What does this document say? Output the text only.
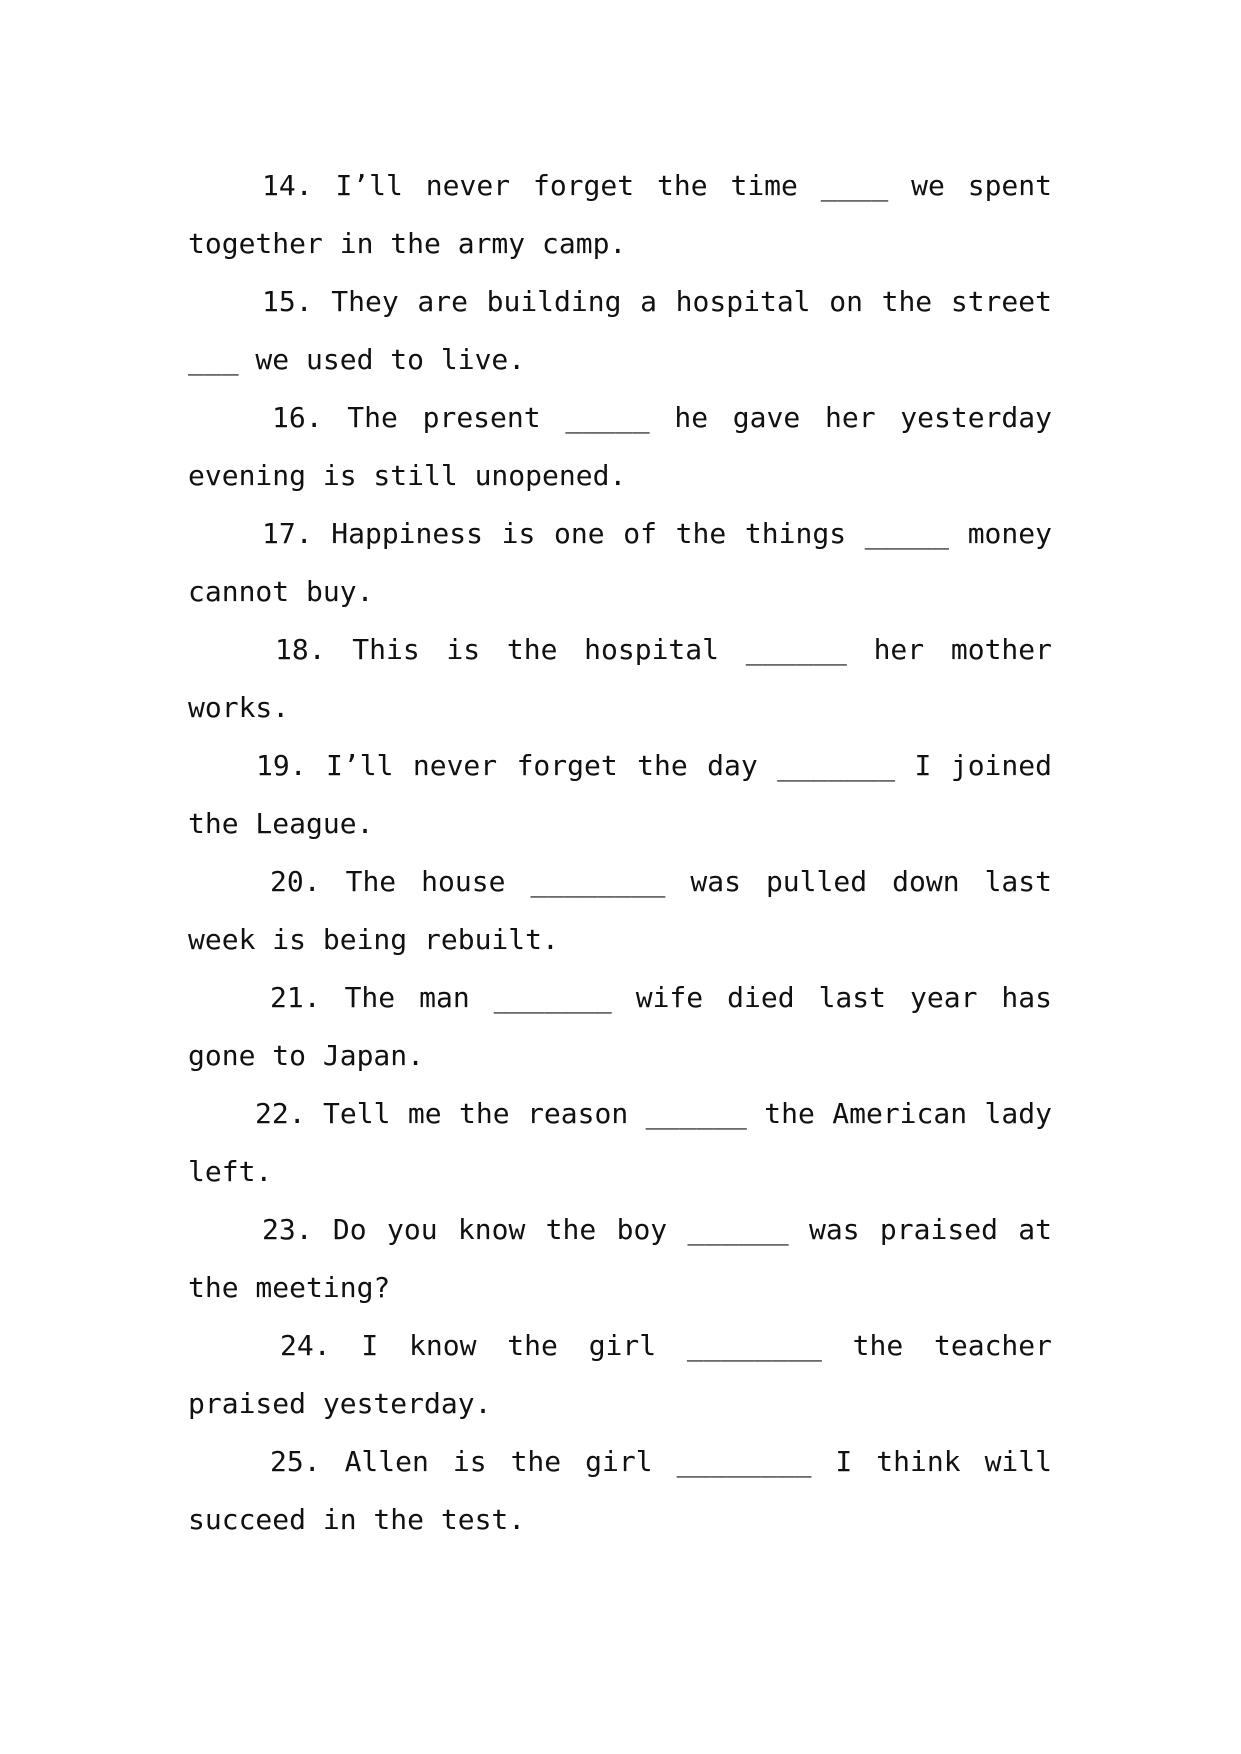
14. I’ll never forget the time ____ we spent
together in the army camp.
15. They are building a hospital on the street
___ we used to live.
16. The present _____ he gave her yesterday
evening is still unopened.
17. Happiness is one of the things _____ money
cannot buy.
18. This is the hospital ______ her mother
works.
19. I’ll never forget the day _______ I joined
the League.
20. The house ________ was pulled down last
week is being rebuilt.
21. The man _______ wife died last year has
gone to Japan.
22. Tell me the reason ______ the American lady
left.
23. Do you know the boy ______ was praised at
the meeting?
24. I know the girl ________ the teacher
praised yesterday.
25. Allen is the girl ________ I think will
succeed in the test.
